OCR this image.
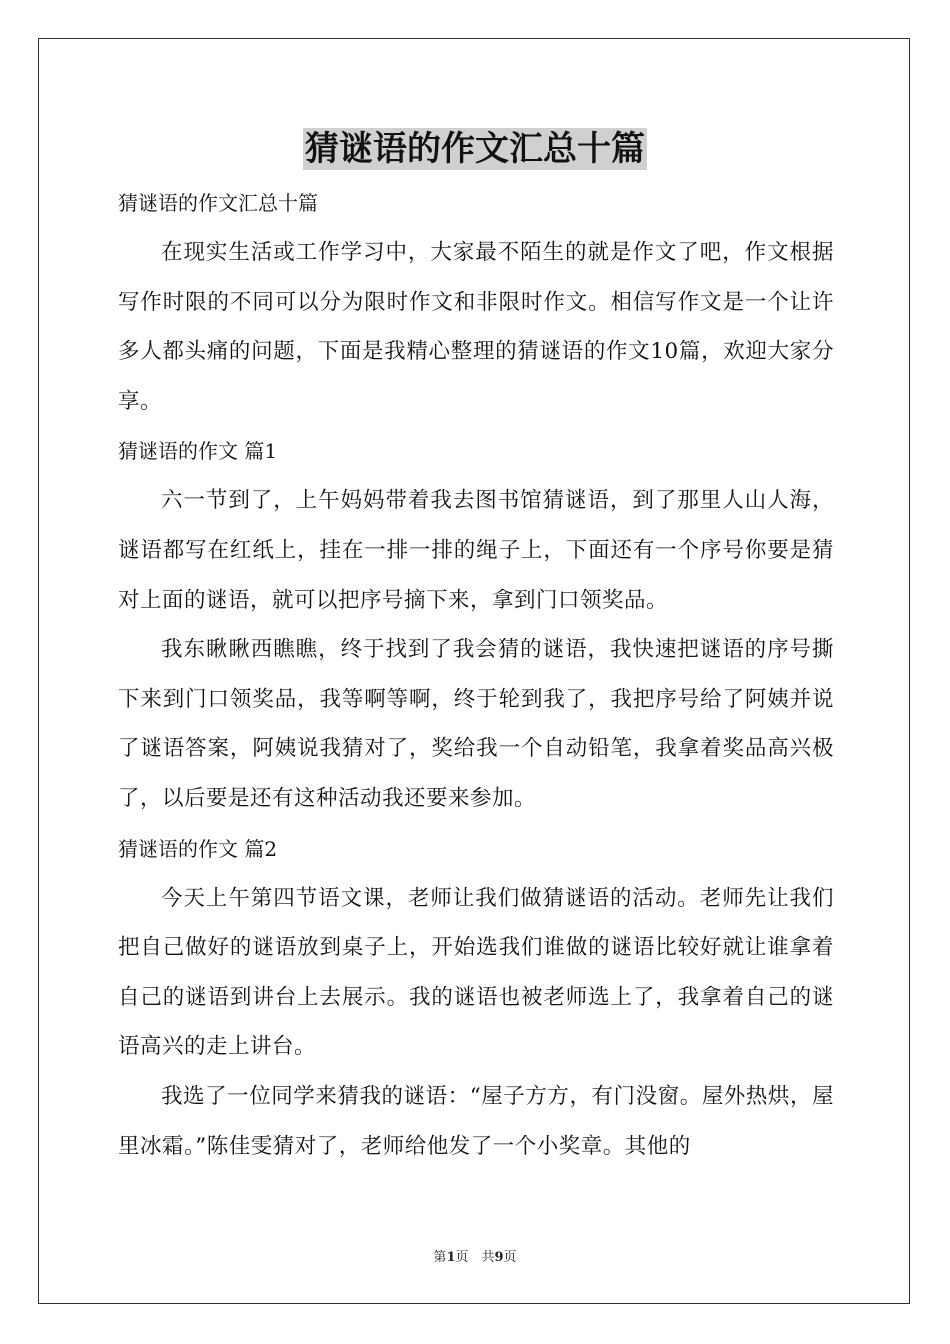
猜谜语的作文汇总十篇

猜谜语的作文汇总十篇

在现实生活或工作学习中，大家最不陌生的就是作文了吧，作文根据写作时限的不同可以分为限时作文和非限时作文。相信写作文是一个让许多人都头痛的问题，下面是我精心整理的猜谜语的作文10篇，欢迎大家分享。

猜谜语的作文 篇1

六一节到了，上午妈妈带着我去图书馆猜谜语，到了那里人山人海，谜语都写在红纸上，挂在一排一排的绳子上，下面还有一个序号你要是猜对上面的谜语，就可以把序号摘下来，拿到门口领奖品。

我东瞅瞅西瞧瞧，终于找到了我会猜的谜语，我快速把谜语的序号撕下来到门口领奖品，我等啊等啊，终于轮到我了，我把序号给了阿姨并说了谜语答案，阿姨说我猜对了，奖给我一个自动铅笔，我拿着奖品高兴极了，以后要是还有这种活动我还要来参加。

猜谜语的作文 篇2

今天上午第四节语文课，老师让我们做猜谜语的活动。老师先让我们把自己做好的谜语放到桌子上，开始选我们谁做的谜语比较好就让谁拿着自己的谜语到讲台上去展示。我的谜语也被老师选上了，我拿着自己的谜语高兴的走上讲台。

我选了一位同学来猜我的谜语：“屋子方方，有门没窗。屋外热烘，屋里冰霜。”陈佳雯猜对了，老师给他发了一个小奖章。其他的

第1页　共9页
